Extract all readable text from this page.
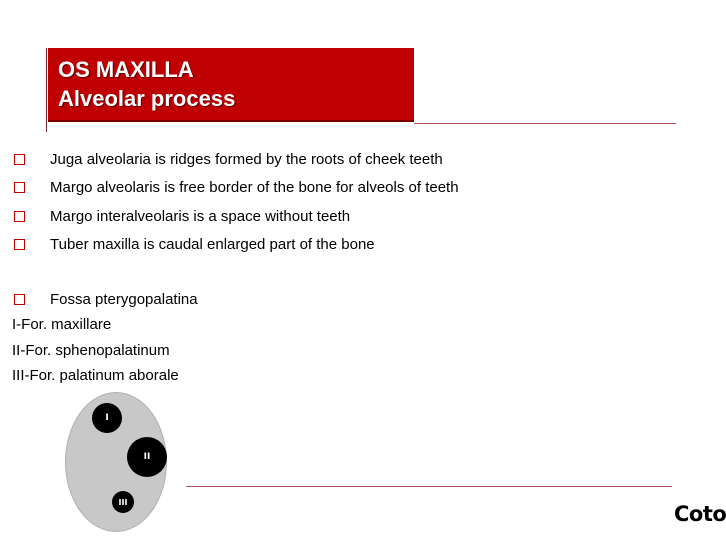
OS MAXILLA
Alveolar process
Juga alveolaria is ridges formed by the roots of cheek teeth
Margo alveolaris is free border of the bone for alveols of teeth
Margo interalveolaris is a space without teeth
Tuber maxilla is caudal enlarged part of the bone
Fossa pterygopalatina
I-For. maxillare
II-For. sphenopalatinum
III-For. palatinum aborale
I
II
III	Coto
